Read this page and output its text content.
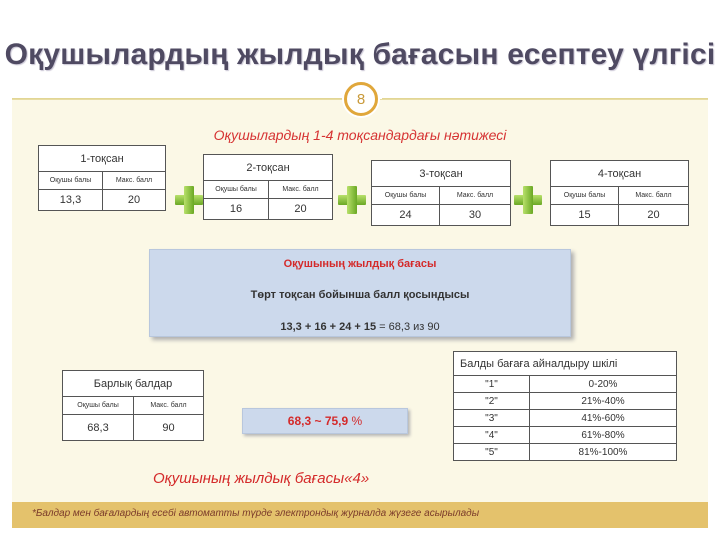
Оқушылардың жылдық бағасын есептеу үлгісі
8
Оқушылардың 1-4 тоқсандардағы нәтижесі
1-тоқсан	
Оқушы балы	Макс. балл
13,3	20
2-тоқсан	
Оқушы балы	Макс. балл
16	20
3-тоқсан	
Оқушы балы	Макс. балл
24	30
4-тоқсан	
Оқушы балы	Макс. балл
15	20
Оқушының жылдық бағасы
Төрт тоқсан бойынша балл қосындысы
13,3 + 16 + 24 + 15 = 68,3 из 90
Барлық балдар	
Оқушы балы	Макс. балл
68,3	90
Балды бағаға айналдыру шкілі	
"1"	0-20%
"2"	21%-40%
"3"	41%-60%
"4"	61%-80%
"5"	81%-100%
68,3 ~ 75,9 %
Оқушының жылдық бағасы«4»
*Балдар мен бағалардың есебі автоматты түрде электрондық журналда жүзеге асырылады
